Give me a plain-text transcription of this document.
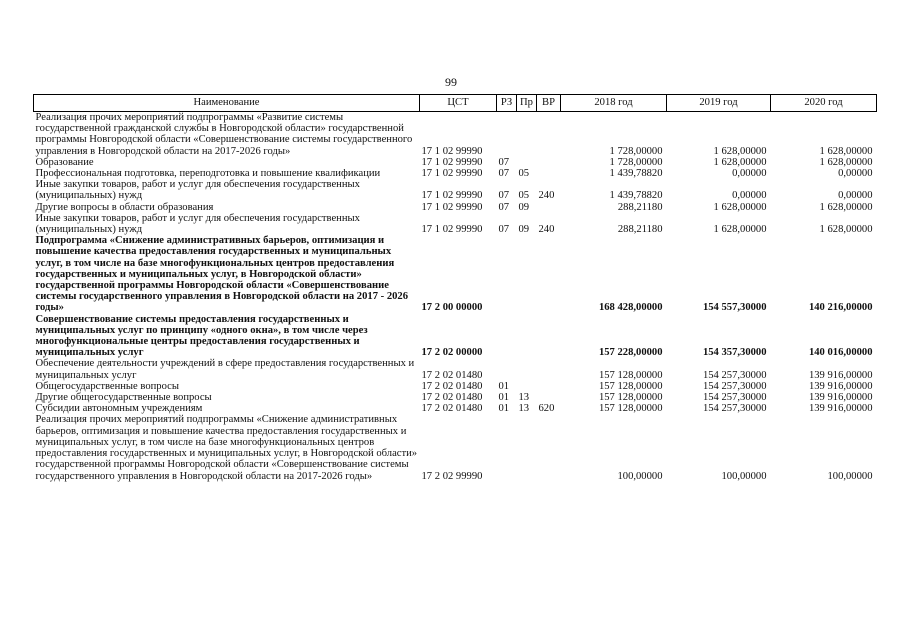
99
Наименование	ЦСТ	РЗ	Пр	ВР	2018 год	2019 год	2020 год
Реализация прочих мероприятий подпрограммы «Развитие системы государственной гражданской службы в Новгородской области» государственной программы Новгородской области «Совершенствование системы государственного управления в Новгородской области на 2017-2026 годы»	17 1 02 99990				1 728,00000	1 628,00000	1 628,00000
Образование	17 1 02 99990	07			1 728,00000	1 628,00000	1 628,00000
Профессиональная подготовка, переподготовка и повышение квалификации	17 1 02 99990	07	05		1 439,78820	0,00000	0,00000
Иные закупки товаров, работ и услуг для обеспечения государственных (муниципальных) нужд	17 1 02 99990	07	05	240	1 439,78820	0,00000	0,00000
Другие вопросы в области образования	17 1 02 99990	07	09		288,21180	1 628,00000	1 628,00000
Иные закупки товаров, работ и услуг для обеспечения государственных (муниципальных) нужд	17 1 02 99990	07	09	240	288,21180	1 628,00000	1 628,00000
Подпрограмма «Снижение административных барьеров, оптимизация и повышение качества предоставления государственных и муниципальных услуг, в том числе на базе многофункциональных центров предоставления государственных и муниципальных услуг, в Новгородской области» государственной программы Новгородской области «Совершенствование системы государственного управления в Новгородской области на 2017 - 2026 годы»	17 2 00 00000				168 428,00000	154 557,30000	140 216,00000
Совершенствование системы предоставления государственных и муниципальных услуг по принципу «одного окна», в том числе через многофункциональные центры предоставления государственных и муниципальных услуг	17 2 02 00000				157 228,00000	154 357,30000	140 016,00000
Обеспечение деятельности учреждений в сфере предоставления государственных и муниципальных услуг	17 2 02 01480				157 128,00000	154 257,30000	139 916,00000
Общегосударственные вопросы	17 2 02 01480	01			157 128,00000	154 257,30000	139 916,00000
Другие общегосударственные вопросы	17 2 02 01480	01	13		157 128,00000	154 257,30000	139 916,00000
Субсидии автономным учреждениям	17 2 02 01480	01	13	620	157 128,00000	154 257,30000	139 916,00000
Реализация прочих мероприятий подпрограммы «Снижение административных барьеров, оптимизация и повышение качества предоставления государственных и муниципальных услуг, в том числе на базе многофункциональных центров предоставления государственных и муниципальных услуг, в Новгородской области» государственной программы Новгородской области «Совершенствование системы государственного управления в Новгородской области на 2017-2026 годы»	17 2 02 99990				100,00000	100,00000	100,00000
